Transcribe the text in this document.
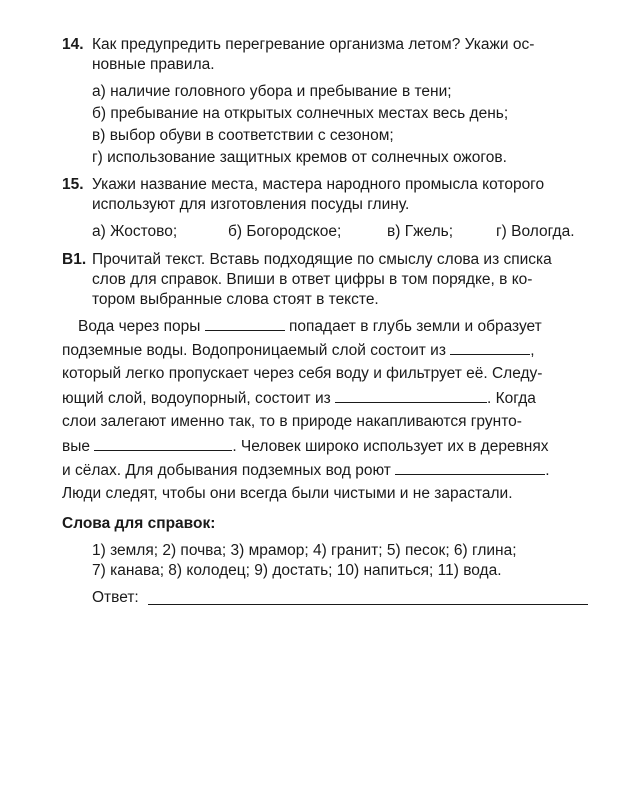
14. Как предупредить перегревание организма летом? Укажи ос-
новные правила.
а) наличие головного убора и пребывание в тени;
б) пребывание на открытых солнечных местах весь день;
в) выбор обуви в соответствии с сезоном;
г) использование защитных кремов от солнечных ожогов.
15. Укажи название места, мастера народного промысла которого
используют для изготовления посуды глину.
а) Жостово;	б) Богородское;	в) Гжель;	г) Вологда.
В1. Прочитай текст. Вставь подходящие по смыслу слова из списка
слов для справок. Впиши в ответ цифры в том порядке, в ко-
тором выбранные слова стоят в тексте.
Вода через поры	попадает в глубь земли и образует
подземные воды. Водопроницаемый слой состоит из	,
который легко пропускает через себя воду и фильтрует её. Следу-
ющий слой, водоупорный, состоит из	. Когда
слои залегают именно так, то в природе накапливаются грунто-
вые	. Человек широко использует их в деревнях
и сёлах. Для добывания подземных вод роют	.
Люди следят, чтобы они всегда были чистыми и не зарастали.
Слова для справок:
1) земля; 2) почва; 3) мрамор; 4) гранит; 5) песок; 6) глина;
7) канава; 8) колодец; 9) достать; 10) напиться; 11) вода.
Ответ:
